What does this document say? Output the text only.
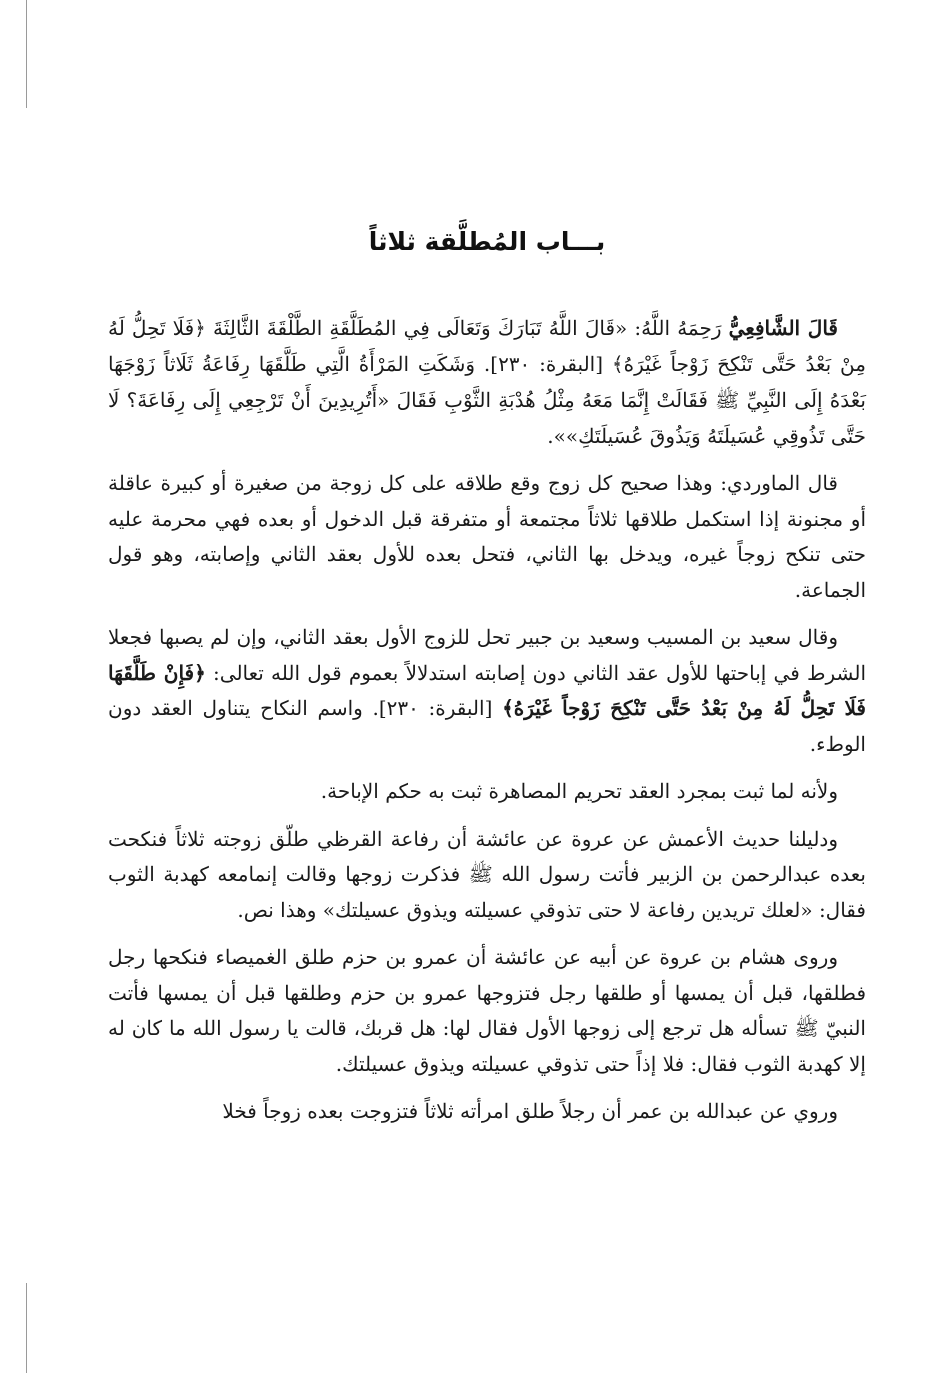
بـــاب المُطلَّقة ثلاثاً

قَالَ الشَّافِعِيُّ رَحِمَهُ اللَّهُ: «قَالَ اللَّهُ تَبَارَكَ وَتَعَالَى فِي المُطَلَّقَةِ الطَّلْقَةَ الثَّالِثَةَ ﴿فَلَا تَحِلُّ لَهُ مِنْ بَعْدُ حَتَّى تَنْكِحَ زَوْجاً غَيْرَهُ﴾ [البقرة: ٢٣٠]. وَشَكَتِ المَرْأَةُ الَّتِي طَلَّقَهَا رِفَاعَةُ ثَلَاثاً زَوْجَهَا بَعْدَهُ إِلَى النَّبِيِّ ﷺ فَقَالَتْ إِنَّمَا مَعَهُ مِثْلُ هُدْبَةِ الثَّوْبِ فَقَالَ «أَتُرِيدِينَ أَنْ تَرْجِعِي إِلَى رِفَاعَةَ؟ لَا حَتَّى تَذُوقِي عُسَيلَتَهُ وَيَذُوقَ عُسَيلَتَكِ»».

قال الماوردي: وهذا صحيح كل زوج وقع طلاقه على كل زوجة من صغيرة أو كبيرة عاقلة أو مجنونة إذا استكمل طلاقها ثلاثاً مجتمعة أو متفرقة قبل الدخول أو بعده فهي محرمة عليه حتى تنكح زوجاً غيره، ويدخل بها الثاني، فتحل بعده للأول بعقد الثاني وإصابته، وهو قول الجماعة.

وقال سعيد بن المسيب وسعيد بن جبير تحل للزوج الأول بعقد الثاني، وإن لم يصبها فجعلا الشرط في إباحتها للأول عقد الثاني دون إصابته استدلالاً بعموم قول الله تعالى: ﴿فَإِنْ طَلَّقَهَا فَلَا تَحِلُّ لَهُ مِنْ بَعْدُ حَتَّى تَنْكِحَ زَوْجاً غَيْرَهُ﴾ [البقرة: ٢٣٠]. واسم النكاح يتناول العقد دون الوطء.

ولأنه لما ثبت بمجرد العقد تحريم المصاهرة ثبت به حكم الإباحة.

ودليلنا حديث الأعمش عن عروة عن عائشة أن رفاعة القرظي طلّق زوجته ثلاثاً فنكحت بعده عبدالرحمن بن الزبير فأتت رسول الله ﷺ فذكرت زوجها وقالت إنمامعه كهدبة الثوب فقال: «لعلك تريدين رفاعة لا حتى تذوقي عسيلته ويذوق عسيلتك» وهذا نص.

وروى هشام بن عروة عن أبيه عن عائشة أن عمرو بن حزم طلق الغميصاء فنكحها رجل فطلقها، قبل أن يمسها أو طلقها رجل فتزوجها عمرو بن حزم وطلقها قبل أن يمسها فأتت النبيّ ﷺ تسأله هل ترجع إلى زوجها الأول فقال لها: هل قربك، قالت يا رسول الله ما كان له إلا كهدبة الثوب فقال: فلا إذاً حتى تذوقي عسيلته ويذوق عسيلتك.

وروي عن عبدالله بن عمر أن رجلاً طلق امرأته ثلاثاً فتزوجت بعده زوجاً فخلا
